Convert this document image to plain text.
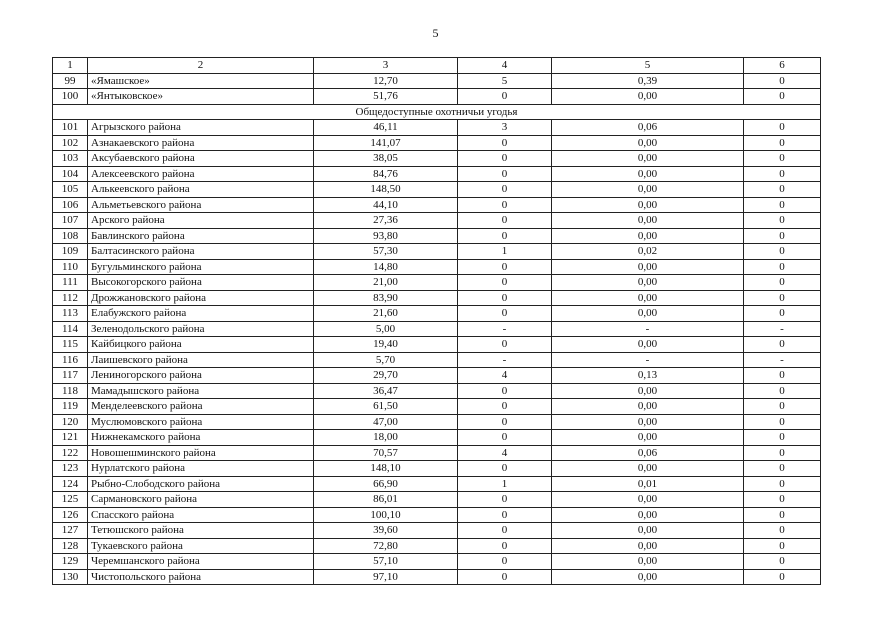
5
1	2	3	4	5	6
99	«Ямашское»	12,70	5	0,39	0
100	«Янтыковское»	51,76	0	0,00	0
Общедоступные охотничьи угодья					
101	Агрызского района	46,11	3	0,06	0
102	Азнакаевского района	141,07	0	0,00	0
103	Аксубаевского района	38,05	0	0,00	0
104	Алексеевского района	84,76	0	0,00	0
105	Алькеевского района	148,50	0	0,00	0
106	Альметьевского района	44,10	0	0,00	0
107	Арского района	27,36	0	0,00	0
108	Бавлинского района	93,80	0	0,00	0
109	Балтасинского района	57,30	1	0,02	0
110	Бугульминского района	14,80	0	0,00	0
111	Высокогорского района	21,00	0	0,00	0
112	Дрожжановского района	83,90	0	0,00	0
113	Елабужского района	21,60	0	0,00	0
114	Зеленодольского района	5,00	-	-	-
115	Кайбицкого района	19,40	0	0,00	0
116	Лаишевского района	5,70	-	-	-
117	Лениногорского района	29,70	4	0,13	0
118	Мамадышского района	36,47	0	0,00	0
119	Менделеевского района	61,50	0	0,00	0
120	Муслюмовского района	47,00	0	0,00	0
121	Нижнекамского района	18,00	0	0,00	0
122	Новошешминского района	70,57	4	0,06	0
123	Нурлатского района	148,10	0	0,00	0
124	Рыбно-Слободского района	66,90	1	0,01	0
125	Сармановского района	86,01	0	0,00	0
126	Спасского района	100,10	0	0,00	0
127	Тетюшского района	39,60	0	0,00	0
128	Тукаевского района	72,80	0	0,00	0
129	Черемшанского района	57,10	0	0,00	0
130	Чистопольского района	97,10	0	0,00	0
